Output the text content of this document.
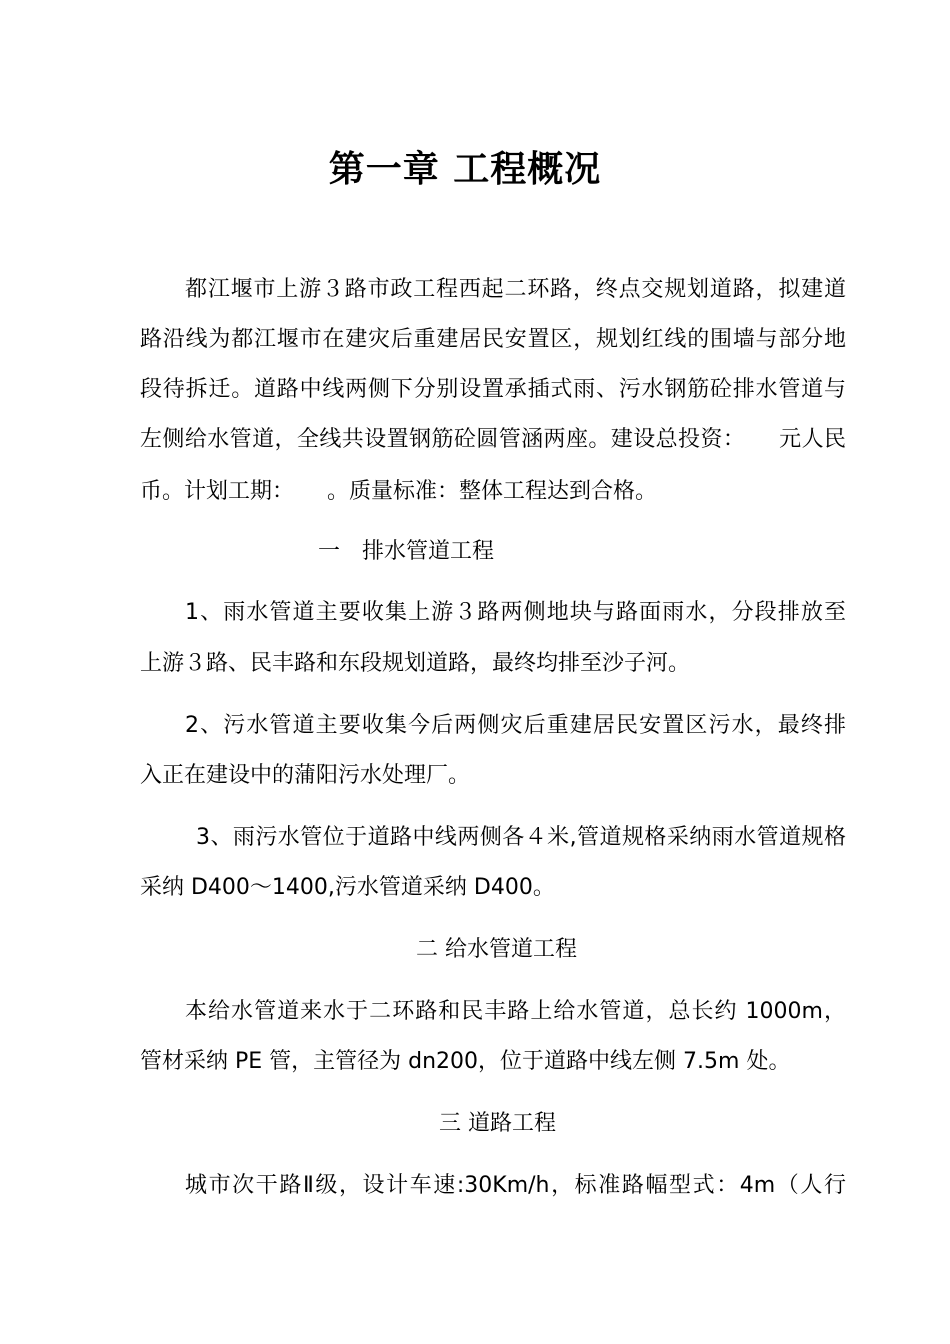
第一章 工程概况
都江堰市上游３路市政工程西起二环路，终点交规划道路，拟建道
路沿线为都江堰市在建灾后重建居民安置区，规划红线的围墙与部分地
段待拆迁。道路中线两侧下分别设置承插式雨、污水钢筋砼排水管道与
左侧给水管道，全线共设置钢筋砼圆管涵两座。建设总投资：　　元人民
币。计划工期：　　。质量标准：整体工程达到合格。
一　排水管道工程
1、雨水管道主要收集上游３路两侧地块与路面雨水，分段排放至
上游３路、民丰路和东段规划道路，最终均排至沙子河。
2、污水管道主要收集今后两侧灾后重建居民安置区污水，最终排
入正在建设中的蒲阳污水处理厂。
3、雨污水管位于道路中线两侧各４米,管道规格采纳雨水管道规格
采纳 D400～1400,污水管道采纳 D400。
二 给水管道工程
本给水管道来水于二环路和民丰路上给水管道，总长约 1000m，
管材采纳 PE 管，主管径为 dn200，位于道路中线左侧 7.5m 处。
三 道路工程
城市次干路Ⅱ级，设计车速:30Km/h，标准路幅型式：4m（人行
